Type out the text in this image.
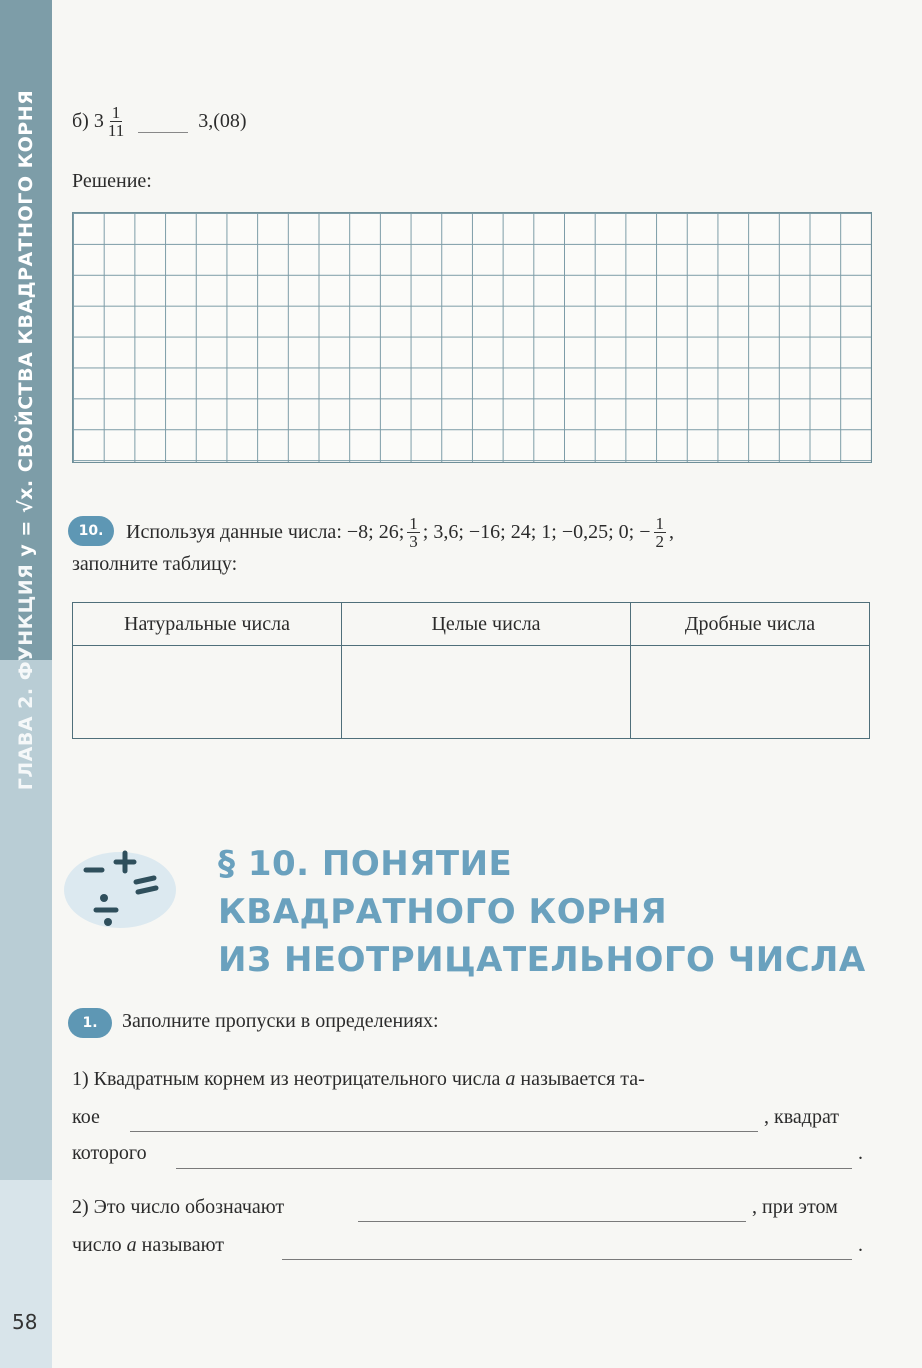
ГЛАВА 2. ФУНКЦИЯ y = √x. СВОЙСТВА КВАДРАТНОГО КОРНЯ
58
б) $3 \frac{1}{11}$	3,(08)
Решение:
10.	Используя данные числа: −8; 26; $\frac{1}{3}$ ; 3,6; −16; 24; 1; −0,25; 0; − $\frac{1}{2}$ ,
заполните таблицу:
Натуральные числа	Целые числа	Дробные числа

§ 10. ПОНЯТИЕ
КВАДРАТНОГО КОРНЯ
ИЗ НЕОТРИЦАТЕЛЬНОГО ЧИСЛА
1.	Заполните пропуски в определениях:
1) Квадратным корнем из неотрицательного числа a называется та-
кое	, квадрат
которого	.
2) Это число обозначают	, при этом
число a называют	.
